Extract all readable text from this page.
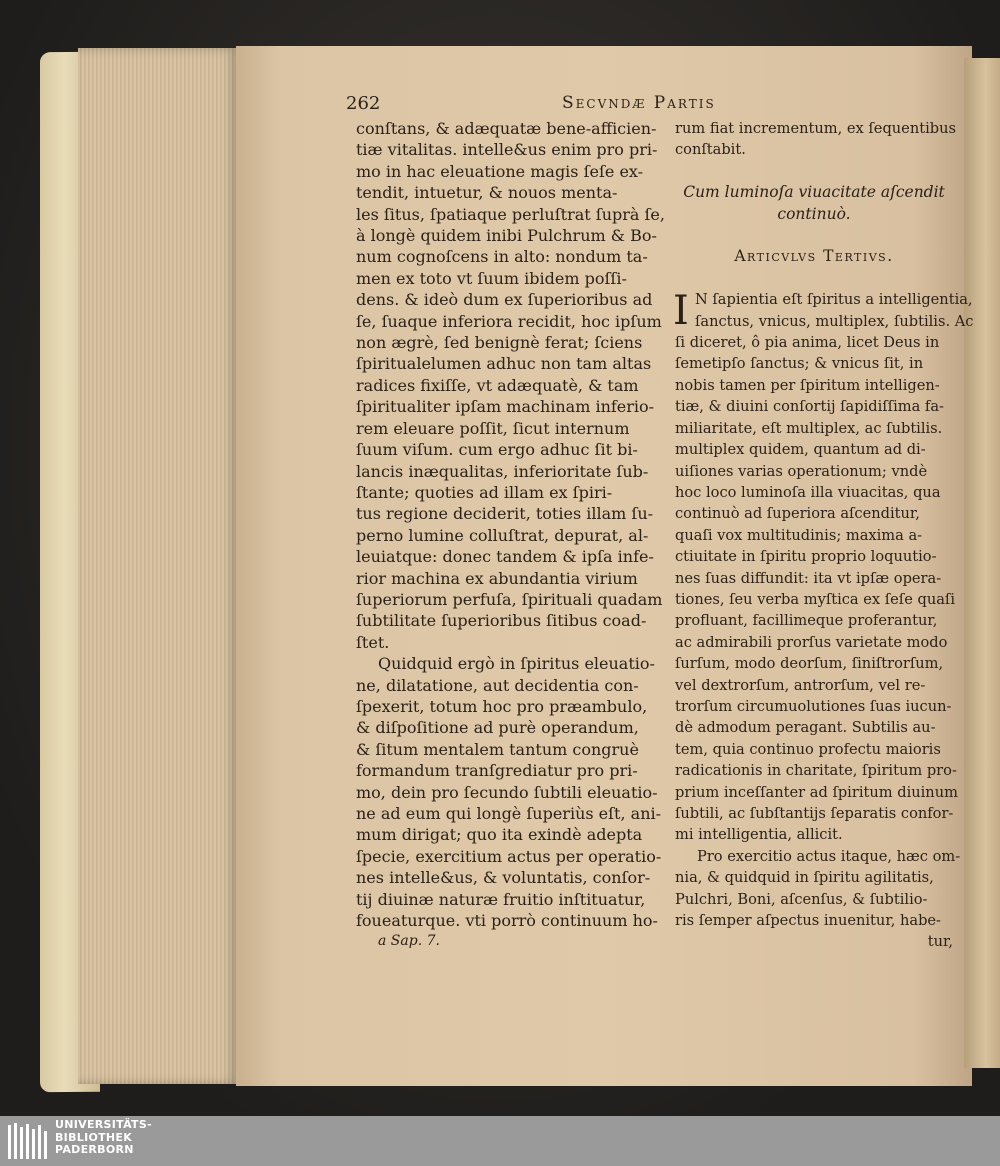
262	Secvndæ Partis
conſtans, & adæquatæ bene-afficien-
tiæ vitalitas. intelle&us enim pro pri-
mo in hac eleuatione magis ſeſe ex-
tendit, intuetur, & nouos menta-
les ſitus, ſpatiaque perluſtrat ſuprà ſe,
à longè quidem inibi Pulchrum & Bo-
num cognoſcens in alto: nondum ta-
men ex toto vt ſuum ibidem poſſi-
dens. & ideò dum ex ſuperioribus ad
ſe, ſuaque inferiora recidit, hoc ipſum
non ægrè, ſed benignè ferat; ſciens
ſpiritualelumen adhuc non tam altas
radices fixiſſe, vt adæquatè, & tam
ſpiritualiter ipſam machinam inferio-
rem eleuare poſſit, ſicut internum
ſuum viſum. cum ergo adhuc ſit bi-
lancis inæqualitas, inferioritate ſub-
ſtante; quoties ad illam ex ſpiri-
tus regione deciderit, toties illam ſu-
perno lumine colluſtrat, depurat, al-
leuiatque: donec tandem & ipſa infe-
rior machina ex abundantia virium
ſuperiorum perfuſa, ſpirituali quadam
ſubtilitate ſuperioribus ſitibus coad-
ſtet.
Quidquid ergò in ſpiritus eleuatio-
ne, dilatatione, aut decidentia con-
ſpexerit, totum hoc pro præambulo,
& diſpoſitione ad purè operandum,
& ſitum mentalem tantum congruè
formandum tranſgrediatur pro pri-
mo, dein pro ſecundo ſubtili eleuatio-
ne ad eum qui longè ſuperiùs eſt, ani-
mum dirigat; quo ita exindè adepta
ſpecie, exercitium actus per operatio-
nes intelle&us, & voluntatis, conſor-
tij diuinæ naturæ fruitio inſtituatur,
foueaturque. vti porrò continuum ho-
a Sap. 7.
rum fiat incrementum, ex ſequentibus
conſtabit.

Cum luminoſa viuacitate aſcendit
continuò.

Articvlvs Tertivs.

I N ſapientia eſt ſpiritus a intelligentia,
ſanctus, vnicus, multiplex, ſubtilis. Ac
ſi diceret, ô pia anima, licet Deus in
ſemetipſo ſanctus; & vnicus ſit, in
nobis tamen per ſpiritum intelligen-
tiæ, & diuini conſortij ſapidiſſima fa-
miliaritate, eſt multiplex, ac ſubtilis.
multiplex quidem, quantum ad di-
uiſiones varias operationum; vndè
hoc loco luminoſa illa viuacitas, qua
continuò ad ſuperiora aſcenditur,
quaſi vox multitudinis; maxima a-
ctiuitate in ſpiritu proprio loquutio-
nes ſuas diffundit: ita vt ipſæ opera-
tiones, ſeu verba myſtica ex ſeſe quaſi
profluant, facillimeque proferantur,
ac admirabili prorſus varietate modo
ſurſum, modo deorſum, ſiniſtrorſum,
vel dextrorſum, antrorſum, vel re-
trorſum circumuolutiones ſuas iucun-
dè admodum peragant. Subtilis au-
tem, quia continuo profectu maioris
radicationis in charitate, ſpiritum pro-
prium inceſſanter ad ſpiritum diuinum
ſubtili, ac ſubſtantijs ſeparatis confor-
mi intelligentia, allicit.
Pro exercitio actus itaque, hæc om-
nia, & quidquid in ſpiritu agilitatis,
Pulchri, Boni, aſcenſus, & ſubtilio-
ris ſemper aſpectus inuenitur, habe-
tur,
UNIVERSITÄTS-
BIBLIOTHEK
PADERBORN
